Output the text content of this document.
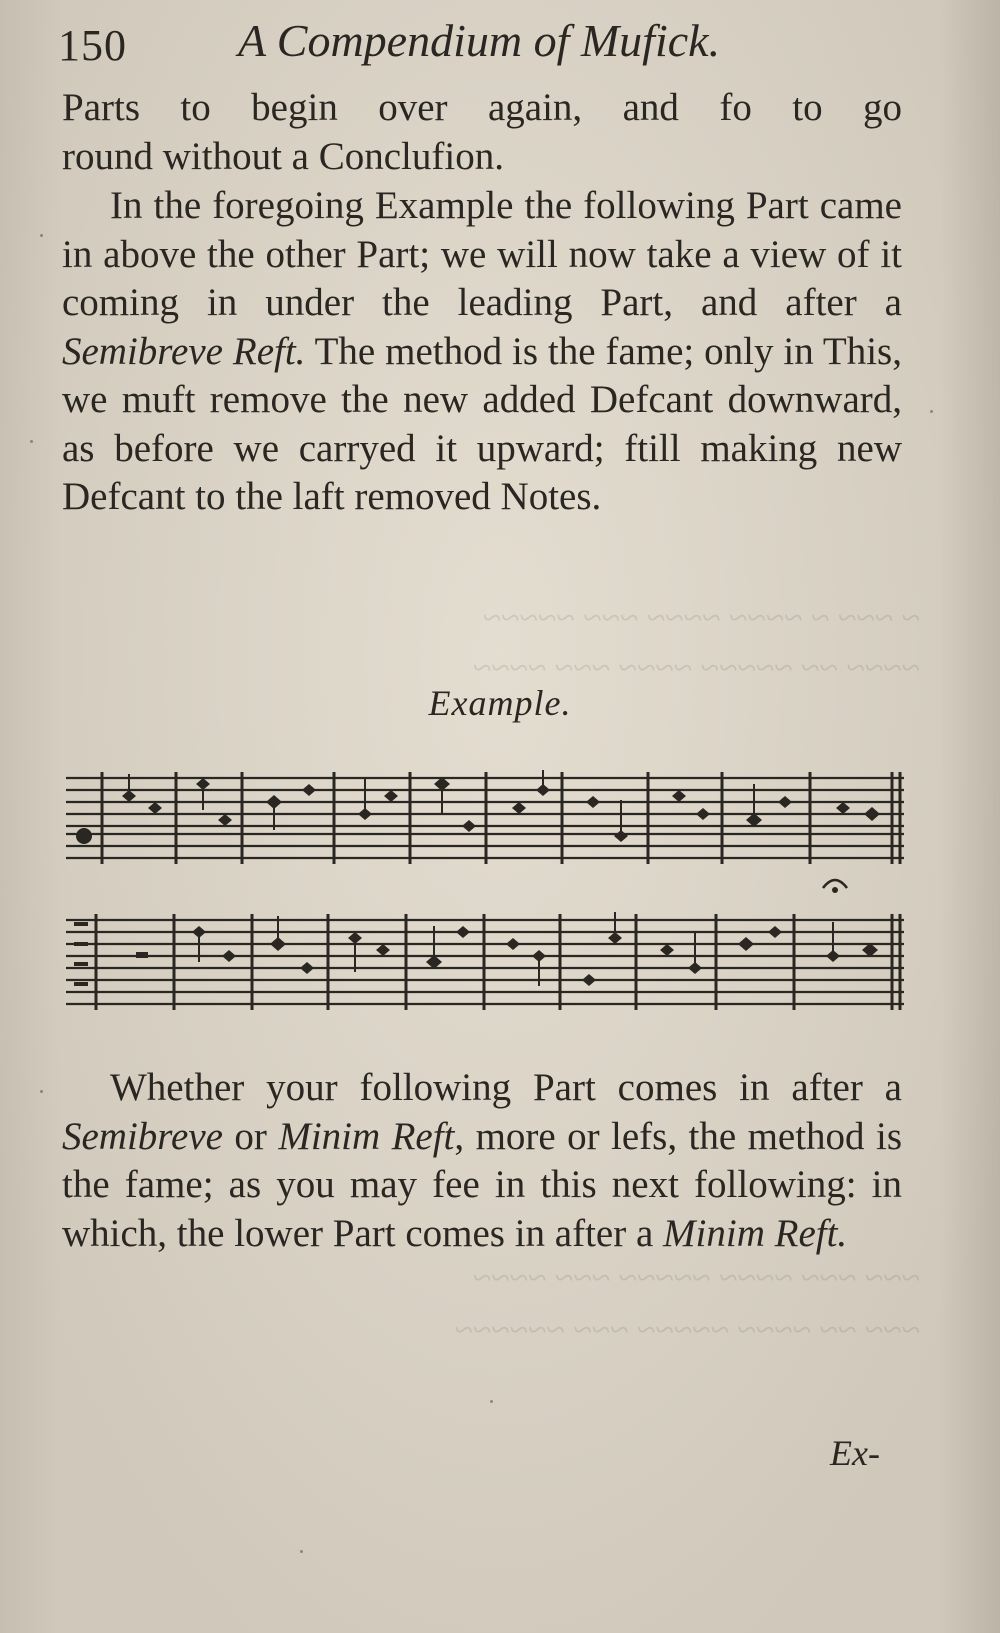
~ ~~~ ~ ~~~~ ~~~~ ~~~ ~~~~~
~~~~ ~~ ~~~~~ ~~~~ ~~~ ~~~~
~~~ ~~~ ~~~~ ~~~~~ ~~~ ~~~~
~~~ ~~ ~~~~ ~~~~~ ~~~ ~~~~~~
150 A Compendium of Mufick.

Parts to begin over again, and fo to go

round without a Conclufion.

In the foregoing Example the following Part came in above the other Part; we will now take a view of it coming in under the leading Part, and after a Semibreve Reft. The method is the fame; only in This, we muft remove the new added Defcant downward, as before we carryed it upward; ftill making new Defcant to the laft removed Notes.

Example.

Whether your following Part comes in after a Semibreve or Minim Reft, more or lefs, the method is the fame; as you may fee in this next following: in which, the lower Part comes in after a Minim Reft.

Ex-
